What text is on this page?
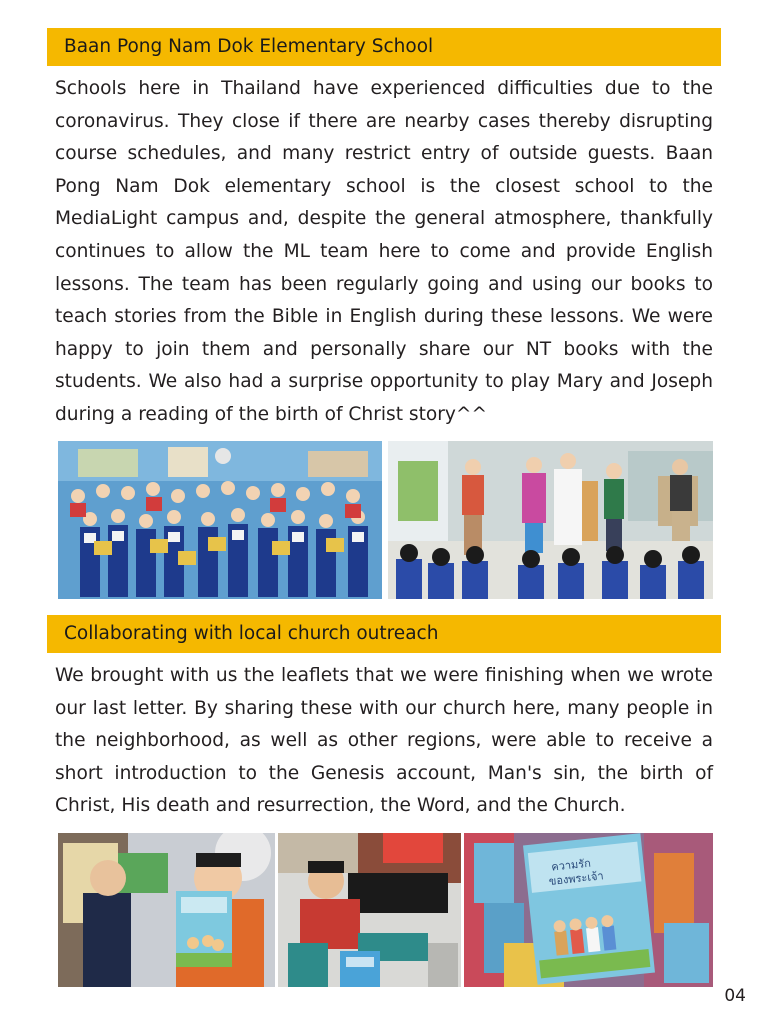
Baan Pong Nam Dok Elementary School

Schools here in Thailand have experienced difficulties due to the coronavirus. They close if there are nearby cases thereby disrupting course schedules, and many restrict entry of outside guests. Baan Pong Nam Dok elementary school is the closest school to the MediaLight campus and, despite the general atmosphere, thankfully continues to allow the ML team here to come and provide English lessons. The team has been regularly going and using our books to teach stories from the Bible in English during these lessons. We were happy to join them and personally share our NT books with the students. We also had a surprise opportunity to play Mary and Joseph during a reading of the birth of Christ story^^

Collaborating with local church outreach

We brought with us the leaflets that we were finishing when we wrote our last letter. By sharing these with our church here, many people in the neighborhood, as well as other regions, were able to receive a short introduction to the Genesis account, Man's sin, the birth of Christ, His death and resurrection, the Word, and the Church.

ความรัก
ของพระเจ้า
04
